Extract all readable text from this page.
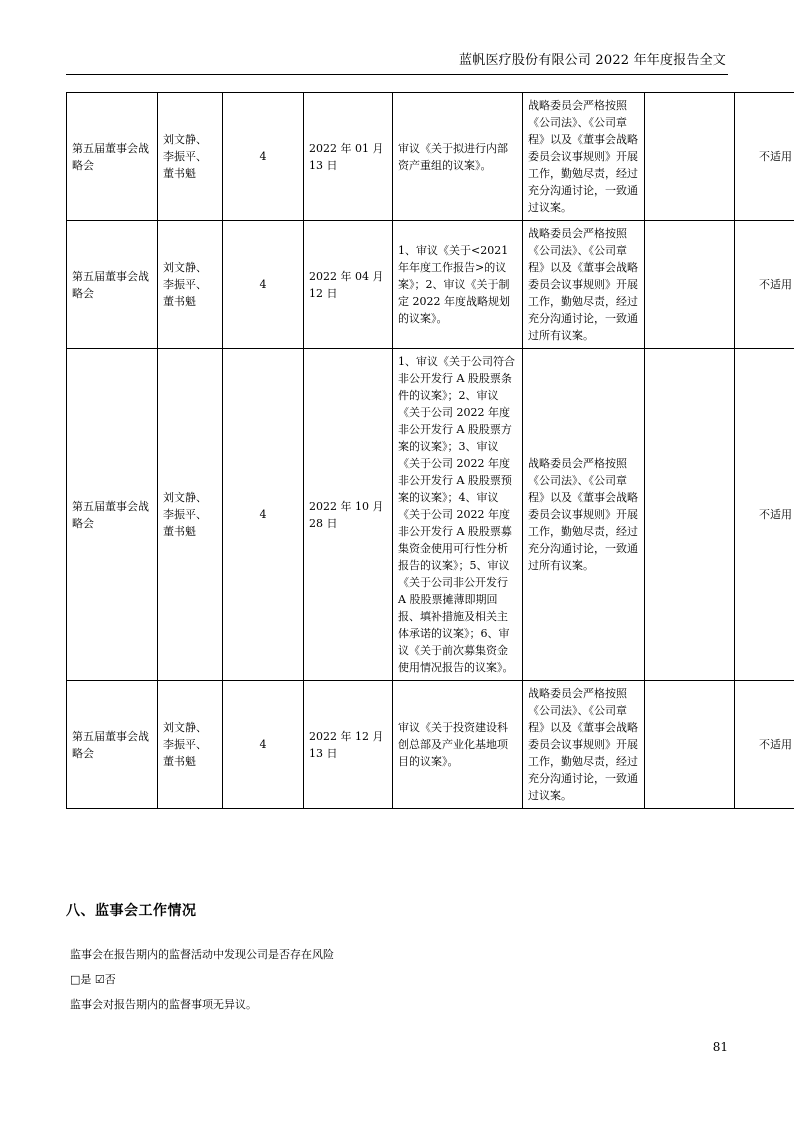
蓝帆医疗股份有限公司 2022 年年度报告全文
第五届董事会战略会	刘文静、李振平、董书魁	4	2022 年 01 月 13 日	审议《关于拟进行内部资产重组的议案》。	战略委员会严格按照《公司法》、《公司章程》以及《董事会战略委员会议事规则》开展工作，勤勉尽责，经过充分沟通讨论，一致通过议案。		不适用
第五届董事会战略会	刘文静、李振平、董书魁	4	2022 年 04 月 12 日	1、审议《关于<2021 年年度工作报告>的议案》；2、审议《关于制定 2022 年度战略规划的议案》。	战略委员会严格按照《公司法》、《公司章程》以及《董事会战略委员会议事规则》开展工作，勤勉尽责，经过充分沟通讨论，一致通过所有议案。		不适用
第五届董事会战略会	刘文静、李振平、董书魁	4	2022 年 10 月 28 日	1、审议《关于公司符合非公开发行 A 股股票条件的议案》；2、审议《关于公司 2022 年度非公开发行 A 股股票方案的议案》；3、审议《关于公司 2022 年度非公开发行 A 股股票预案的议案》；4、审议《关于公司 2022 年度非公开发行 A 股股票募集资金使用可行性分析报告的议案》；5、审议《关于公司非公开发行 A 股股票摊薄即期回报、填补措施及相关主体承诺的议案》；6、审议《关于前次募集资金使用情况报告的议案》。	战略委员会严格按照《公司法》、《公司章程》以及《董事会战略委员会议事规则》开展工作，勤勉尽责，经过充分沟通讨论，一致通过所有议案。		不适用
第五届董事会战略会	刘文静、李振平、董书魁	4	2022 年 12 月 13 日	审议《关于投资建设科创总部及产业化基地项目的议案》。	战略委员会严格按照《公司法》、《公司章程》以及《董事会战略委员会议事规则》开展工作，勤勉尽责，经过充分沟通讨论，一致通过议案。		不适用
八、监事会工作情况
监事会在报告期内的监督活动中发现公司是否存在风险
□是 ☑否
监事会对报告期内的监督事项无异议。
81
